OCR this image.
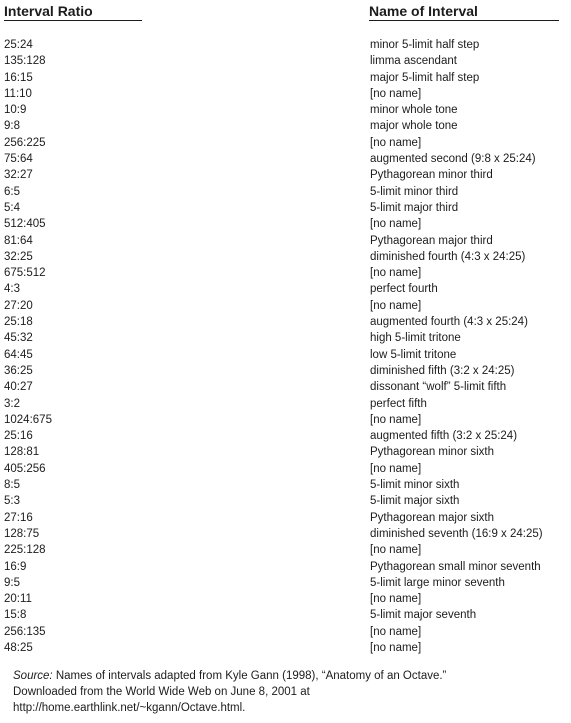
Interval Ratio	Name of Interval
25:24	minor 5-limit half step
135:128	limma ascendant
16:15	major 5-limit half step
11:10	[no name]
10:9	minor whole tone
9:8	major whole tone
256:225	[no name]
75:64	augmented second (9:8 x 25:24)
32:27	Pythagorean minor third
6:5	5-limit minor third
5:4	5-limit major third
512:405	[no name]
81:64	Pythagorean major third
32:25	diminished fourth (4:3 x 24:25)
675:512	[no name]
4:3	perfect fourth
27:20	[no name]
25:18	augmented fourth (4:3 x 25:24)
45:32	high 5-limit tritone
64:45	low 5-limit tritone
36:25	diminished fifth (3:2 x 24:25)
40:27	dissonant “wolf” 5-limit fifth
3:2	perfect fifth
1024:675	[no name]
25:16	augmented fifth (3:2 x 25:24)
128:81	Pythagorean minor sixth
405:256	[no name]
8:5	5-limit minor sixth
5:3	5-limit major sixth
27:16	Pythagorean major sixth
128:75	diminished seventh (16:9 x 24:25)
225:128	[no name]
16:9	Pythagorean small minor seventh
9:5	5-limit large minor seventh
20:11	[no name]
15:8	5-limit major seventh
256:135	[no name]
48:25	[no name]
Source: Names of intervals adapted from Kyle Gann (1998), “Anatomy of an Octave.”
Downloaded from the World Wide Web on June 8, 2001 at
http://home.earthlink.net/~kgann/Octave.html.
